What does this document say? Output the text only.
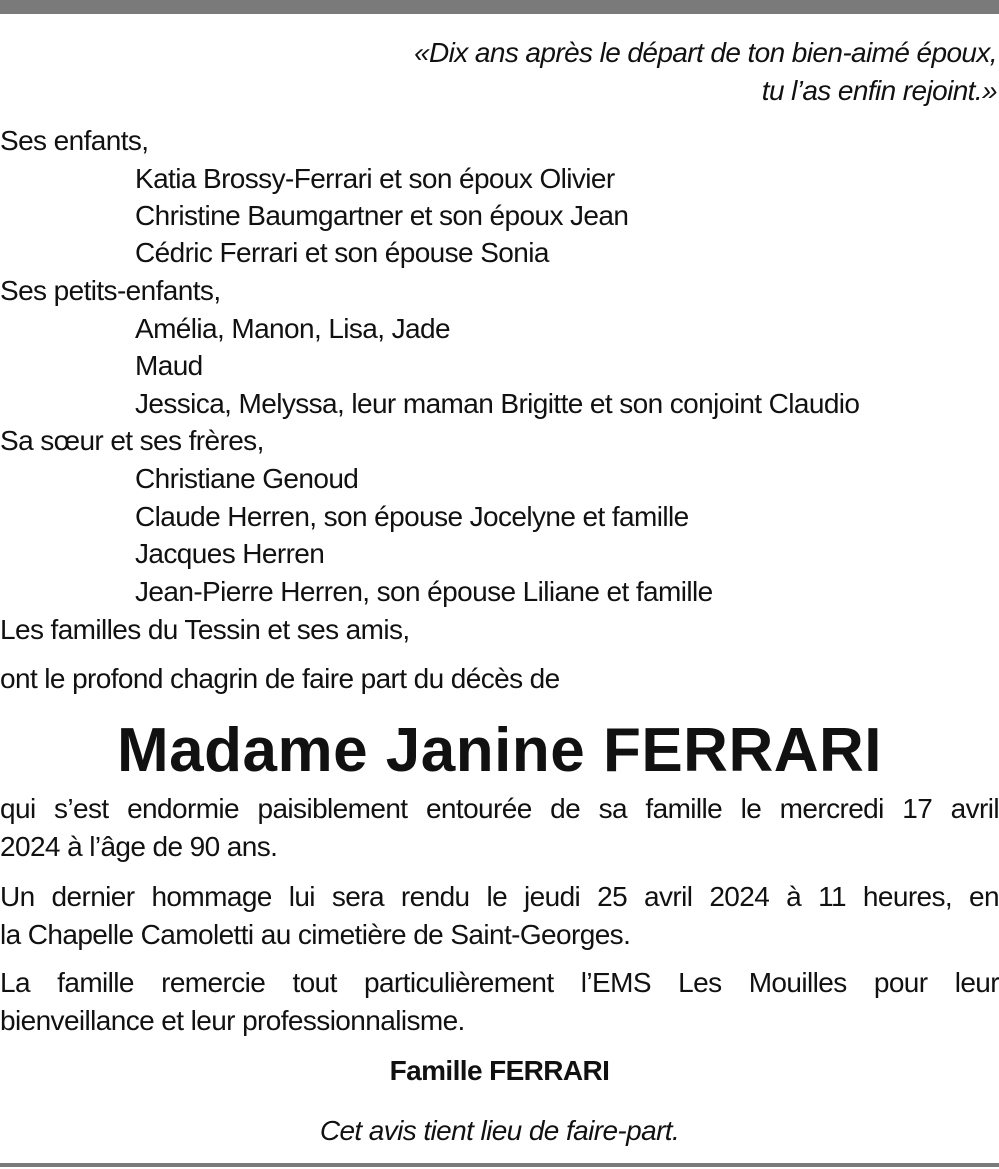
«Dix ans après le départ de ton bien-aimé époux,
tu l’as enfin rejoint.»
Ses enfants,
Katia Brossy-Ferrari et son époux Olivier
Christine Baumgartner et son époux Jean
Cédric Ferrari et son épouse Sonia
Ses petits-enfants,
Amélia, Manon, Lisa, Jade
Maud
Jessica, Melyssa, leur maman Brigitte et son conjoint Claudio
Sa sœur et ses frères,
Christiane Genoud
Claude Herren, son épouse Jocelyne et famille
Jacques Herren
Jean-Pierre Herren, son épouse Liliane et famille
Les familles du Tessin et ses amis,
ont le profond chagrin de faire part du décès de
Madame Janine FERRARI
qui s’est endormie paisiblement entourée de sa famille le mercredi 17 avril
2024 à l’âge de 90 ans.
Un dernier hommage lui sera rendu le jeudi 25 avril 2024 à 11 heures, en
la Chapelle Camoletti au cimetière de Saint-Georges.
La famille remercie tout particulièrement l’EMS Les Mouilles pour leur
bienveillance et leur professionnalisme.
Famille FERRARI
Cet avis tient lieu de faire-part.
